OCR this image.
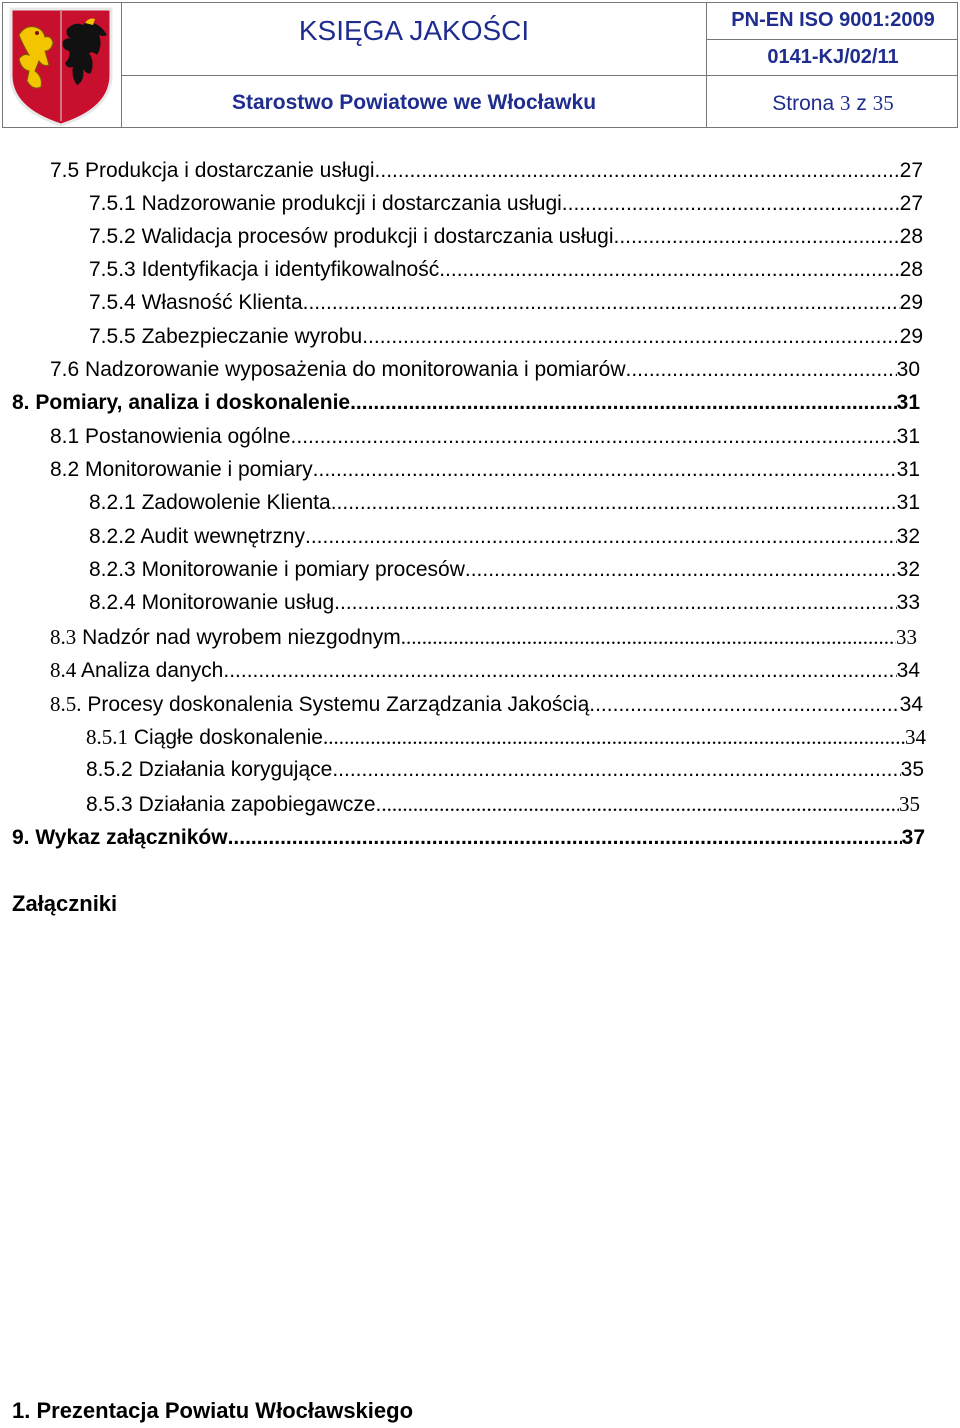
KSIĘGA JAKOŚCI	PN-EN ISO 9001:2009
0141-KJ/02/11
Starostwo Powiatowe we Włocławku	Strona 3 z 35
7.5 Produkcja i dostarczanie usługi .....	27
7.5.1 Nadzorowanie produkcji i dostarczania usługi .....	27
7.5.2 Walidacja procesów produkcji i dostarczania usługi .....	28
7.5.3 Identyfikacja i identyfikowalność .....	28
7.5.4 Własność Klienta .....	29
7.5.5 Zabezpieczanie wyrobu .....	29
7.6 Nadzorowanie wyposażenia do monitorowania i pomiarów .....	30
8. Pomiary, analiza i doskonalenie .....	31
8.1 Postanowienia ogólne .....	31
8.2 Monitorowanie i pomiary .....	31
8.2.1 Zadowolenie Klienta .....	31
8.2.2 Audit wewnętrzny .....	32
8.2.3 Monitorowanie i pomiary procesów .....	32
8.2.4 Monitorowanie usług .....	33
8.3 Nadzór nad wyrobem niezgodnym .....	33
8.4 Analiza danych .....	34
8.5. Procesy doskonalenia Systemu Zarządzania Jakością .....	34
8.5.1 Ciągłe doskonalenie .....	34
8.5.2 Działania korygujące .....	35
8.5.3 Działania zapobiegawcze. .....	35
9. Wykaz załączników .....	37
Załączniki
1. Prezentacja Powiatu Włocławskiego
